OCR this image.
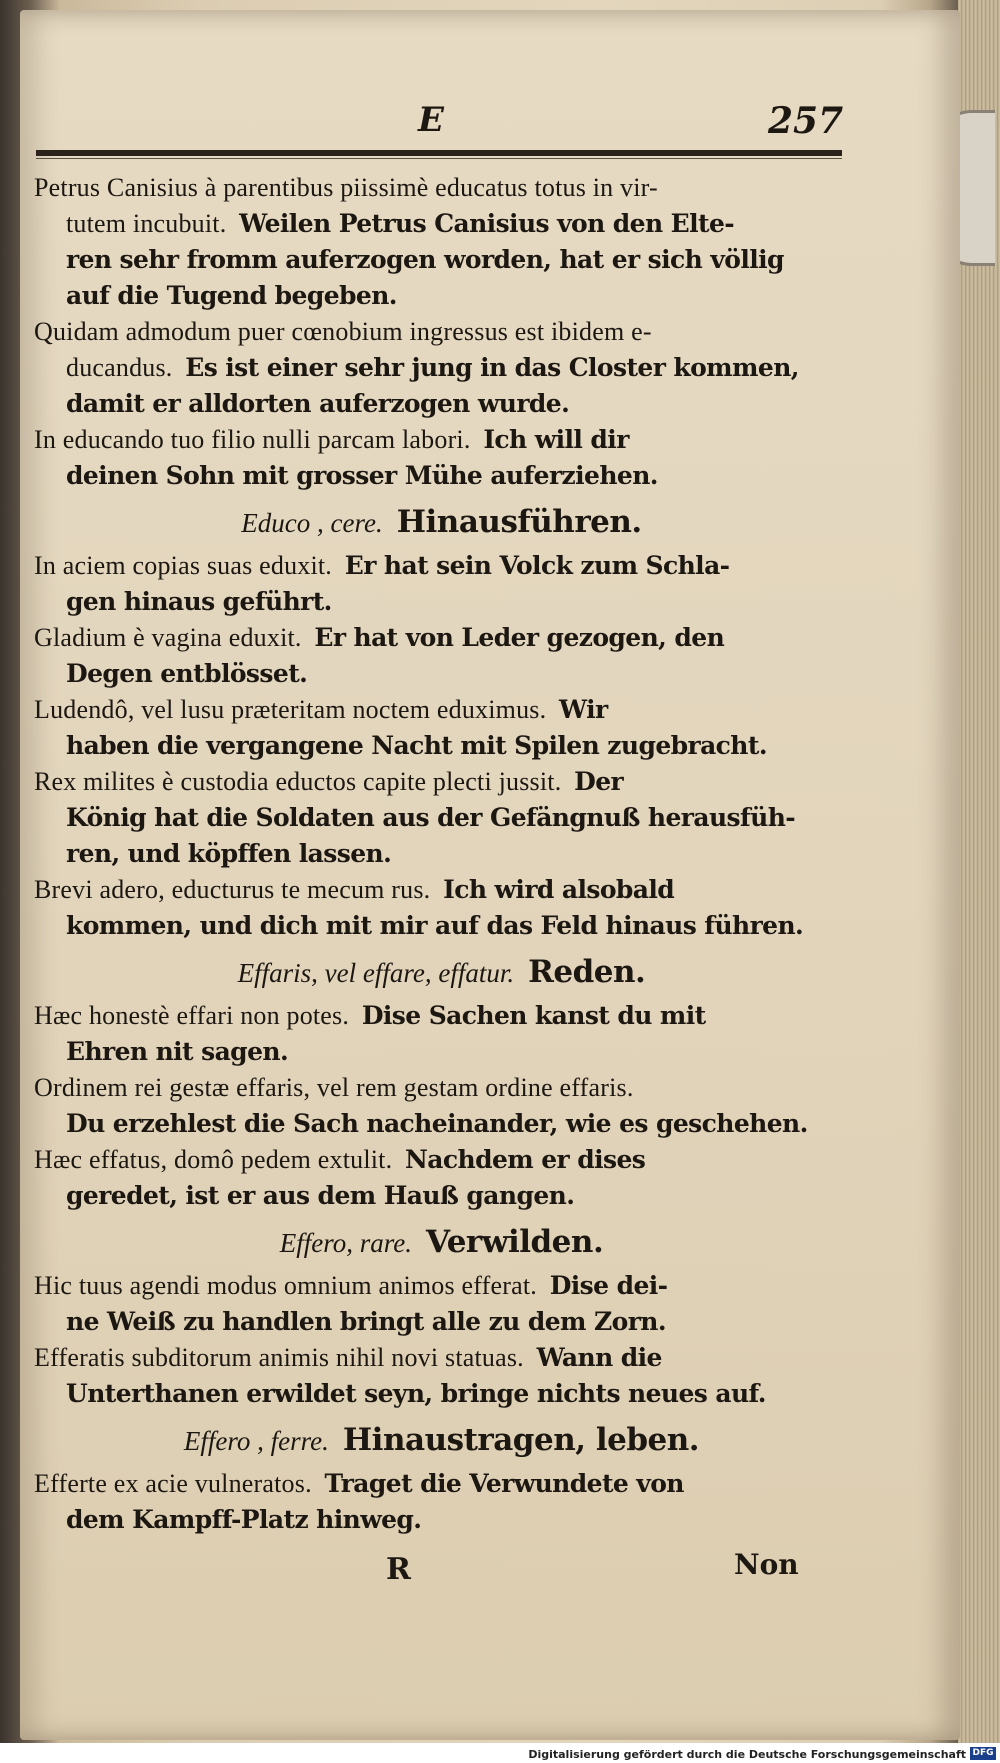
E	257
Petrus Canisius à parentibus piissimè educatus totus in vir-
tutem incubuit.  Weilen Petrus Canisius von den Elte-
ren sehr fromm auferzogen worden, hat er sich völlig
auf die Tugend begeben.
Quidam admodum puer cœnobium ingressus est ibidem e-
ducandus.  Es ist einer sehr jung in das Closter kommen,
damit er alldorten auferzogen wurde.
In educando tuo filio nulli parcam labori.  Ich will dir
deinen Sohn mit grosser Mühe auferziehen.
Educo , cere. Hinausführen.
In aciem copias suas eduxit.  Er hat sein Volck zum Schla-
gen hinaus geführt.
Gladium è vagina eduxit.  Er hat von Leder gezogen, den
Degen entblösset.
Ludendô, vel lusu præteritam noctem eduximus.  Wir
haben die vergangene Nacht mit Spilen zugebracht.
Rex milites è custodia eductos capite plecti jussit.  Der
König hat die Soldaten aus der Gefängnuß herausfüh-
ren, und köpffen lassen.
Brevi adero, educturus te mecum rus.  Ich wird alsobald
kommen, und dich mit mir auf das Feld hinaus führen.
Effaris, vel effare, effatur. Reden.
Hæc honestè effari non potes.  Dise Sachen kanst du mit
Ehren nit sagen.
Ordinem rei gestæ effaris, vel rem gestam ordine effaris.
Du erzehlest die Sach nacheinander, wie es geschehen.
Hæc effatus, domô pedem extulit.  Nachdem er dises
geredet, ist er aus dem Hauß gangen.
Effero, rare. Verwilden.
Hic tuus agendi modus omnium animos efferat.  Dise dei-
ne Weiß zu handlen bringt alle zu dem Zorn.
Efferatis subditorum animis nihil novi statuas.  Wann die
Unterthanen erwildet seyn, bringe nichts neues auf.
Effero , ferre. Hinaustragen, leben.
Efferte ex acie vulneratos.  Traget die Verwundete von
dem Kampff-Platz hinweg.
R	Non
Digitalisierung gefördert durch die Deutsche Forschungsgemeinschaft DFG
